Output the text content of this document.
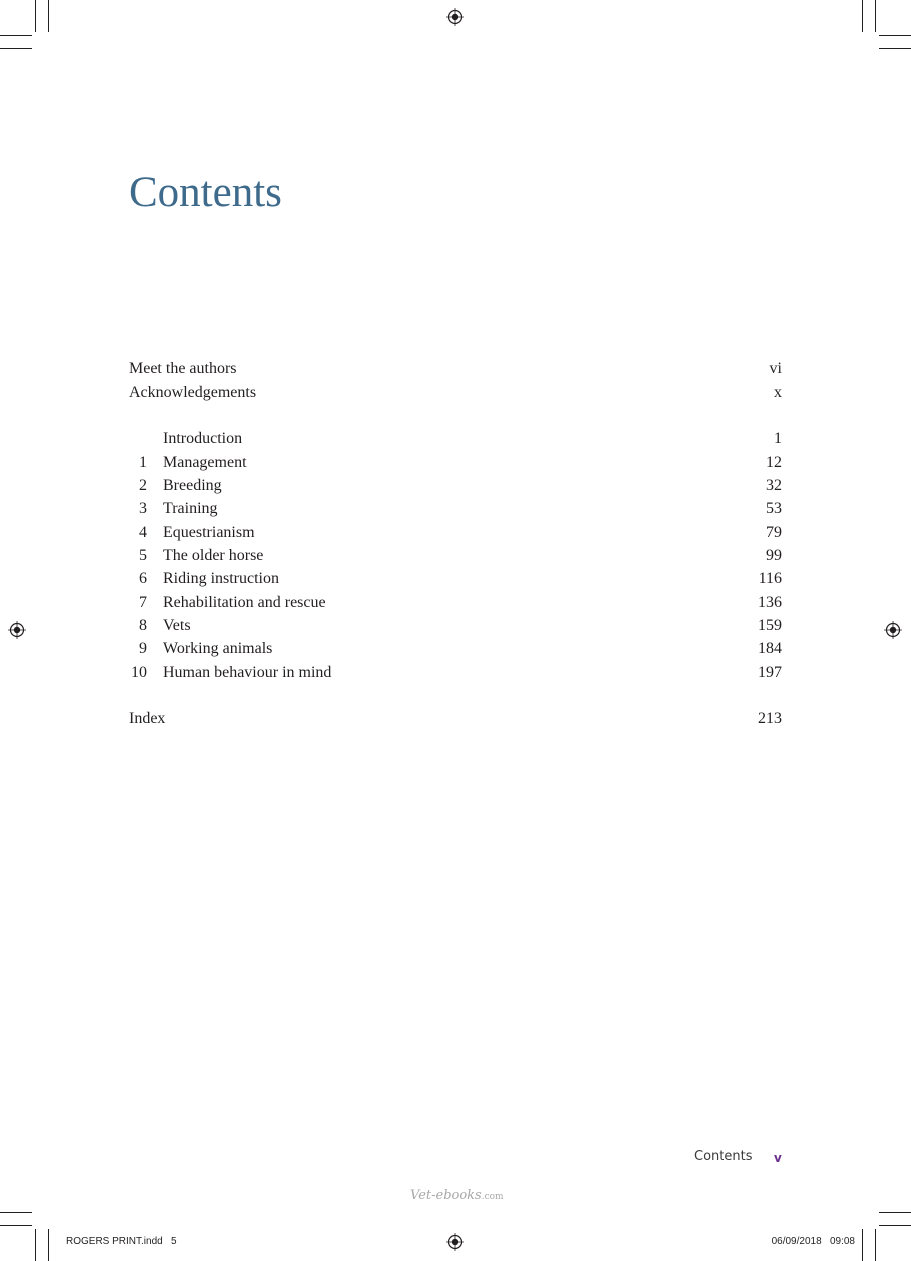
Contents
Meet the authors	vi
Acknowledgements	x
Introduction	1
1 Management	12
2 Breeding	32
3 Training	53
4 Equestrianism	79
5 The older horse	99
6 Riding instruction	116
7 Rehabilitation and rescue	136
8 Vets	159
9 Working animals	184
10 Human behaviour in mind	197
Index	213
Contents v
Vet-ebooks.com
ROGERS PRINT.indd   5	06/09/2018   09:08
